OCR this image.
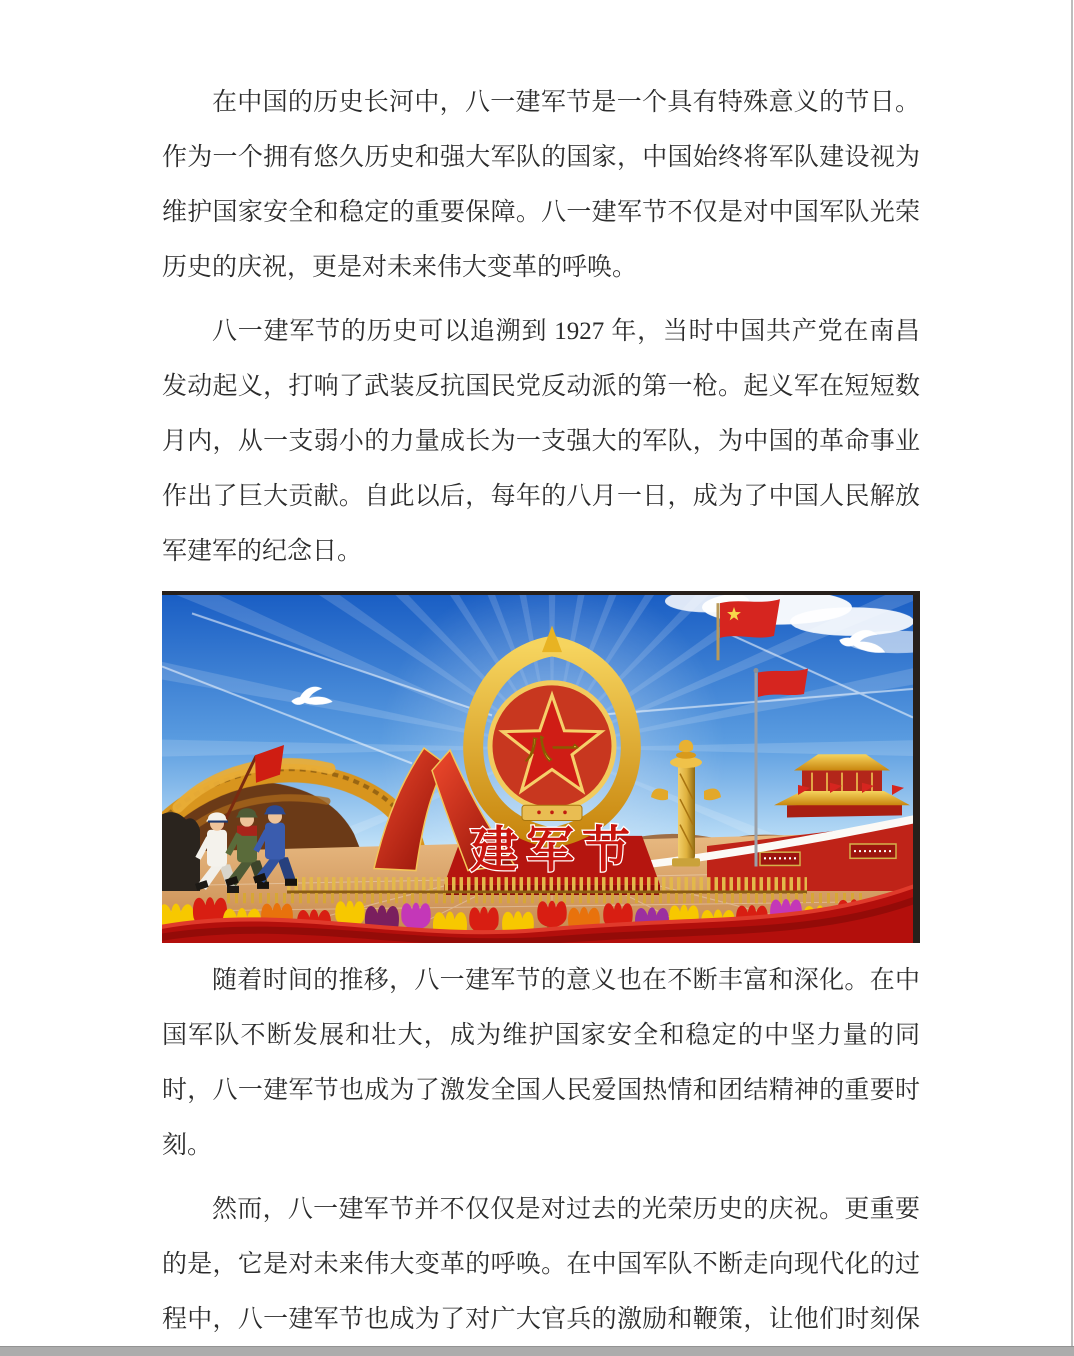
在中国的历史长河中，八一建军节是一个具有特殊意义的节日。
作为一个拥有悠久历史和强大军队的国家，中国始终将军队建设视为
维护国家安全和稳定的重要保障。八一建军节不仅是对中国军队光荣
历史的庆祝，更是对未来伟大变革的呼唤。
八一建军节的历史可以追溯到 1927 年，当时中国共产党在南昌
发动起义，打响了武装反抗国民党反动派的第一枪。起义军在短短数
月内，从一支弱小的力量成长为一支强大的军队，为中国的革命事业
作出了巨大贡献。自此以后，每年的八月一日，成为了中国人民解放
军建军的纪念日。
八一
建军节
随着时间的推移，八一建军节的意义也在不断丰富和深化。在中
国军队不断发展和壮大，成为维护国家安全和稳定的中坚力量的同
时，八一建军节也成为了激发全国人民爱国热情和团结精神的重要时
刻。
然而，八一建军节并不仅仅是对过去的光荣历史的庆祝。更重要
的是，它是对未来伟大变革的呼唤。在中国军队不断走向现代化的过
程中，八一建军节也成为了对广大官兵的激励和鞭策，让他们时刻保
